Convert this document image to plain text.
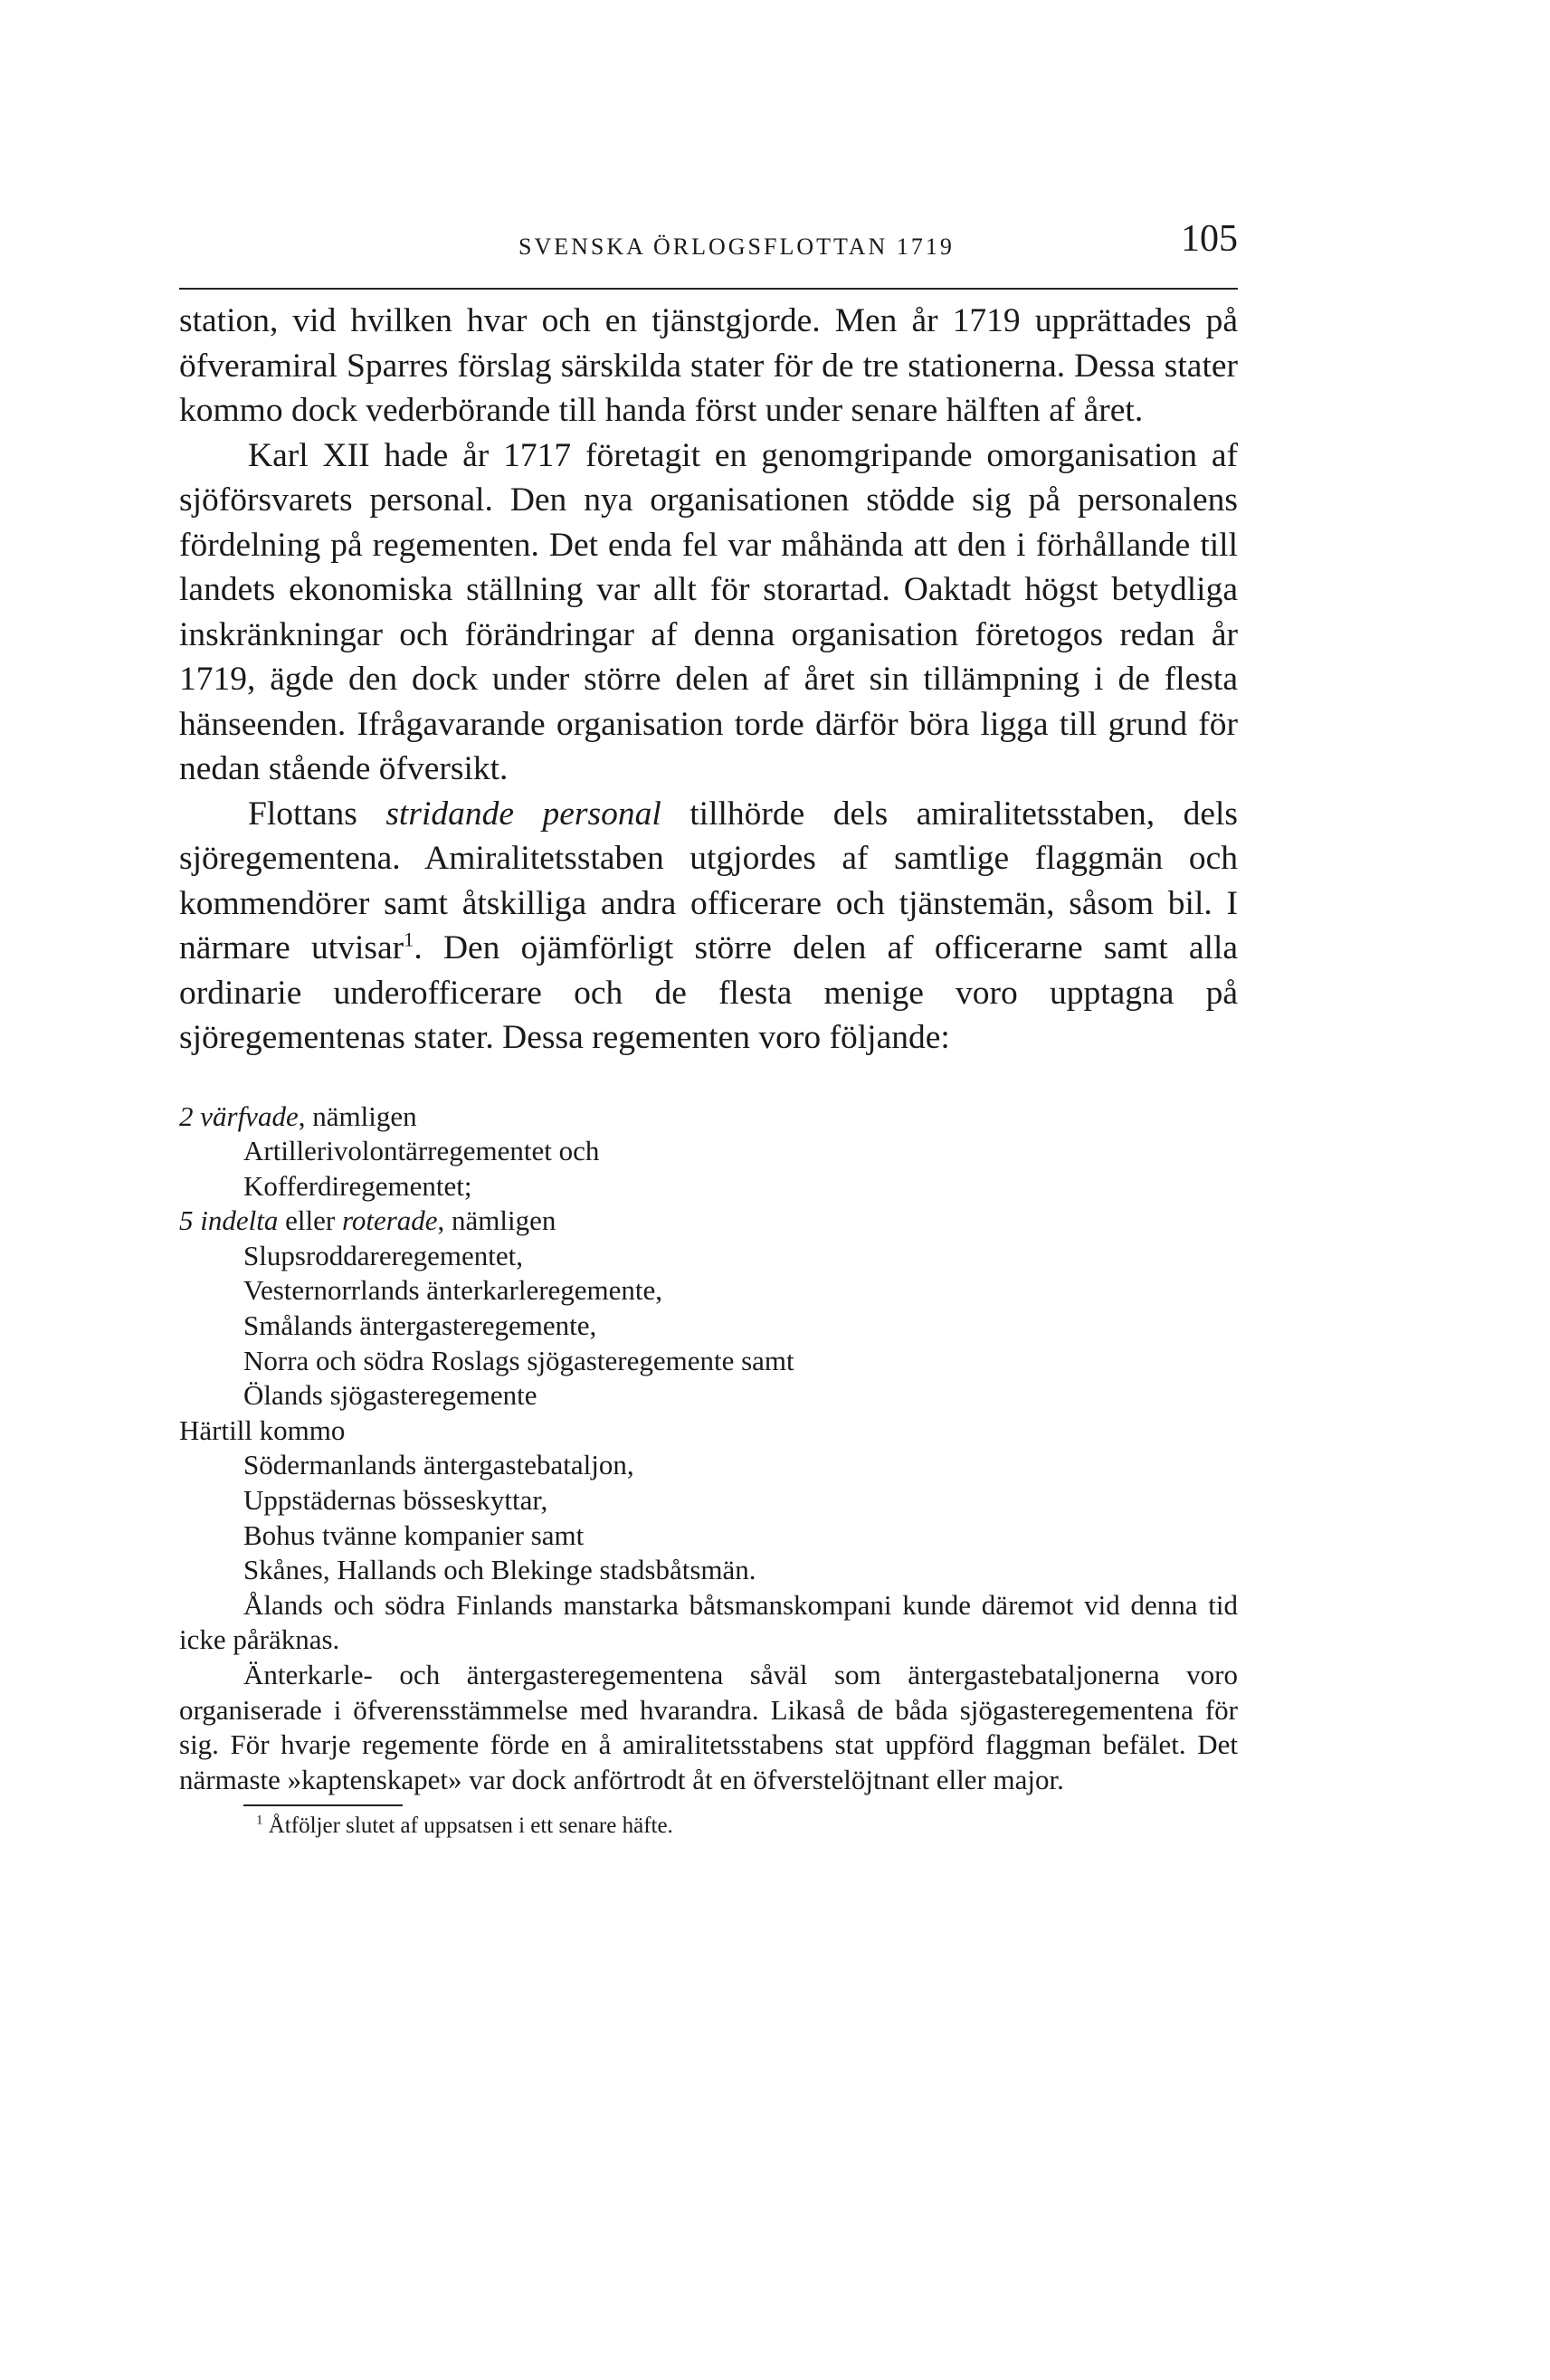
SVENSKA ÖRLOGSFLOTTAN 1719	105

station, vid hvilken hvar och en tjänstgjorde. Men år 1719 upprättades på öfveramiral Sparres förslag särskilda stater för de tre stationerna. Dessa stater kommo dock vederbörande till handa först under senare hälften af året.

Karl XII hade år 1717 företagit en genomgripande omorganisation af sjöförsvarets personal. Den nya organisationen stödde sig på personalens fördelning på regementen. Det enda fel var måhända att den i förhållande till landets ekonomiska ställning var allt för storartad. Oaktadt högst betydliga inskränkningar och förändringar af denna organisation företogos redan år 1719, ägde den dock under större delen af året sin tillämpning i de flesta hänseenden. Ifrågavarande organisation torde därför böra ligga till grund för nedan stående öfversikt.

Flottans stridande personal tillhörde dels amiralitetsstaben, dels sjöregementena. Amiralitetsstaben utgjordes af samtlige flaggmän och kommendörer samt åtskilliga andra officerare och tjänstemän, såsom bil. I närmare utvisar$^1$. Den ojämförligt större delen af officerarne samt alla ordinarie underofficerare och de flesta menige voro upptagna på sjöregementenas stater. Dessa regementen voro följande:

2 värfvade, nämligen
Artillerivolontärregementet och
Kofferdiregementet;
5 indelta eller roterade, nämligen
Slupsroddareregementet,
Vesternorrlands änterkarleregemente,
Smålands äntergasteregemente,
Norra och södra Roslags sjögasteregemente samt
Ölands sjögasteregemente
Härtill kommo
Södermanlands äntergastebataljon,
Uppstädernas bösseskyttar,
Bohus tvänne kompanier samt
Skånes, Hallands och Blekinge stadsbåtsmän.

Ålands och södra Finlands manstarka båtsmanskompani kunde däremot vid denna tid icke påräknas.

Änterkarle- och äntergasteregementena såväl som äntergastebataljonerna voro organiserade i öfverensstämmelse med hvarandra. Likaså de båda sjögasteregementena för sig. För hvarje regemente förde en å amiralitetsstabens stat uppförd flaggman befälet. Det närmaste »kaptenskapet» var dock anförtrodt åt en öfverstelöjtnant eller major.

$^1$ Åtföljer slutet af uppsatsen i ett senare häfte.
